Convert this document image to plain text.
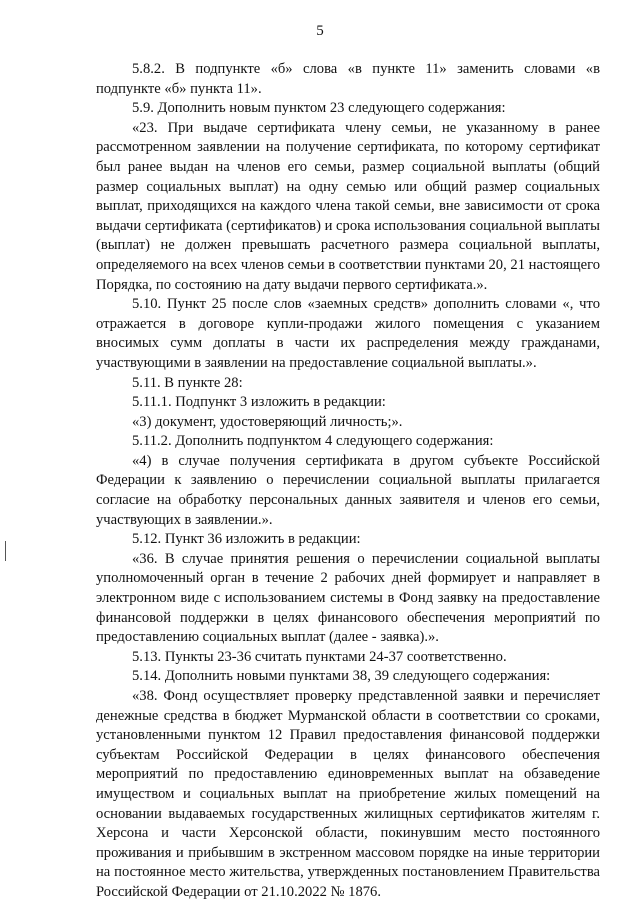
5

5.8.2. В подпункте «б» слова «в пункте 11» заменить словами «в подпункте «б» пункта 11».

5.9. Дополнить новым пунктом 23 следующего содержания:

«23. При выдаче сертификата члену семьи, не указанному в ранее рассмотренном заявлении на получение сертификата, по которому сертификат был ранее выдан на членов его семьи, размер социальной выплаты (общий размер социальных выплат) на одну семью или общий размер социальных выплат, приходящихся на каждого члена такой семьи, вне зависимости от срока выдачи сертификата (сертификатов) и срока использования социальной выплаты (выплат) не должен превышать расчетного размера социальной выплаты, определяемого на всех членов семьи в соответствии пунктами 20, 21 настоящего Порядка, по состоянию на дату выдачи первого сертификата.».

5.10. Пункт 25 после слов «заемных средств» дополнить словами «, что отражается в договоре купли-продажи жилого помещения с указанием вносимых сумм доплаты в части их распределения между гражданами, участвующими в заявлении на предоставление социальной выплаты.».

5.11. В пункте 28:

5.11.1. Подпункт 3 изложить в редакции:

«3) документ, удостоверяющий личность;».

5.11.2. Дополнить подпунктом 4 следующего содержания:

«4) в случае получения сертификата в другом субъекте Российской Федерации к заявлению о перечислении социальной выплаты прилагается согласие на обработку персональных данных заявителя и членов его семьи, участвующих в заявлении.».

5.12. Пункт 36 изложить в редакции:

«36. В случае принятия решения о перечислении социальной выплаты уполномоченный орган в течение 2 рабочих дней формирует и направляет в электронном виде с использованием системы в Фонд заявку на предоставление финансовой поддержки в целях финансового обеспечения мероприятий по предоставлению социальных выплат (далее - заявка).».

5.13. Пункты 23-36 считать пунктами 24-37 соответственно.

5.14. Дополнить новыми пунктами 38, 39 следующего содержания:

«38. Фонд осуществляет проверку представленной заявки и перечисляет денежные средства в бюджет Мурманской области в соответствии со сроками, установленными пунктом 12 Правил предоставления финансовой поддержки субъектам Российской Федерации в целях финансового обеспечения мероприятий по предоставлению единовременных выплат на обзаведение имуществом и социальных выплат на приобретение жилых помещений на основании выдаваемых государственных жилищных сертификатов жителям г. Херсона и части Херсонской области, покинувшим место постоянного проживания и прибывшим в экстренном массовом порядке на иные территории на постоянное место жительства, утвержденных постановлением Правительства Российской Федерации от 21.10.2022 № 1876.
